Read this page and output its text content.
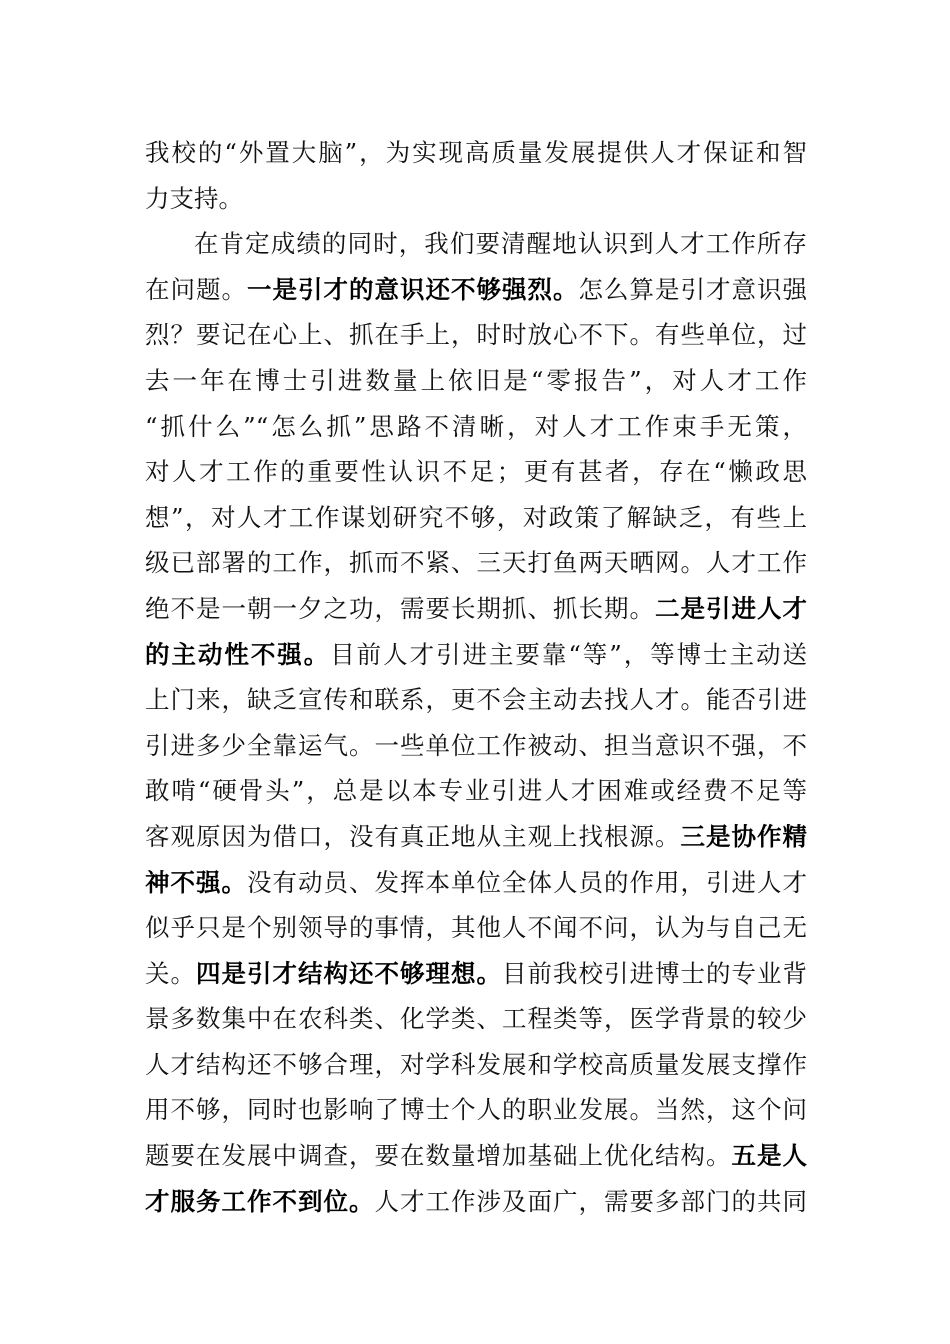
我校的“外置大脑”，为实现高质量发展提供人才保证和智
力支持。
在肯定成绩的同时，我们要清醒地认识到人才工作所存
在问题。一是引才的意识还不够强烈。怎么算是引才意识强
烈？要记在心上、抓在手上，时时放心不下。有些单位，过
去一年在博士引进数量上依旧是“零报告”，对人才工作
“抓什么”“怎么抓”思路不清晰，对人才工作束手无策，
对人才工作的重要性认识不足；更有甚者，存在“懒政思
想”，对人才工作谋划研究不够，对政策了解缺乏，有些上
级已部署的工作，抓而不紧、三天打鱼两天晒网。人才工作
绝不是一朝一夕之功，需要长期抓、抓长期。二是引进人才
的主动性不强。目前人才引进主要靠“等”，等博士主动送
上门来，缺乏宣传和联系，更不会主动去找人才。能否引进
引进多少全靠运气。一些单位工作被动、担当意识不强，不
敢啃“硬骨头”，总是以本专业引进人才困难或经费不足等
客观原因为借口，没有真正地从主观上找根源。三是协作精
神不强。没有动员、发挥本单位全体人员的作用，引进人才
似乎只是个别领导的事情，其他人不闻不问，认为与自己无
关。四是引才结构还不够理想。目前我校引进博士的专业背
景多数集中在农科类、化学类、工程类等，医学背景的较少
人才结构还不够合理，对学科发展和学校高质量发展支撑作
用不够，同时也影响了博士个人的职业发展。当然，这个问
题要在发展中调查，要在数量增加基础上优化结构。五是人
才服务工作不到位。人才工作涉及面广，需要多部门的共同
